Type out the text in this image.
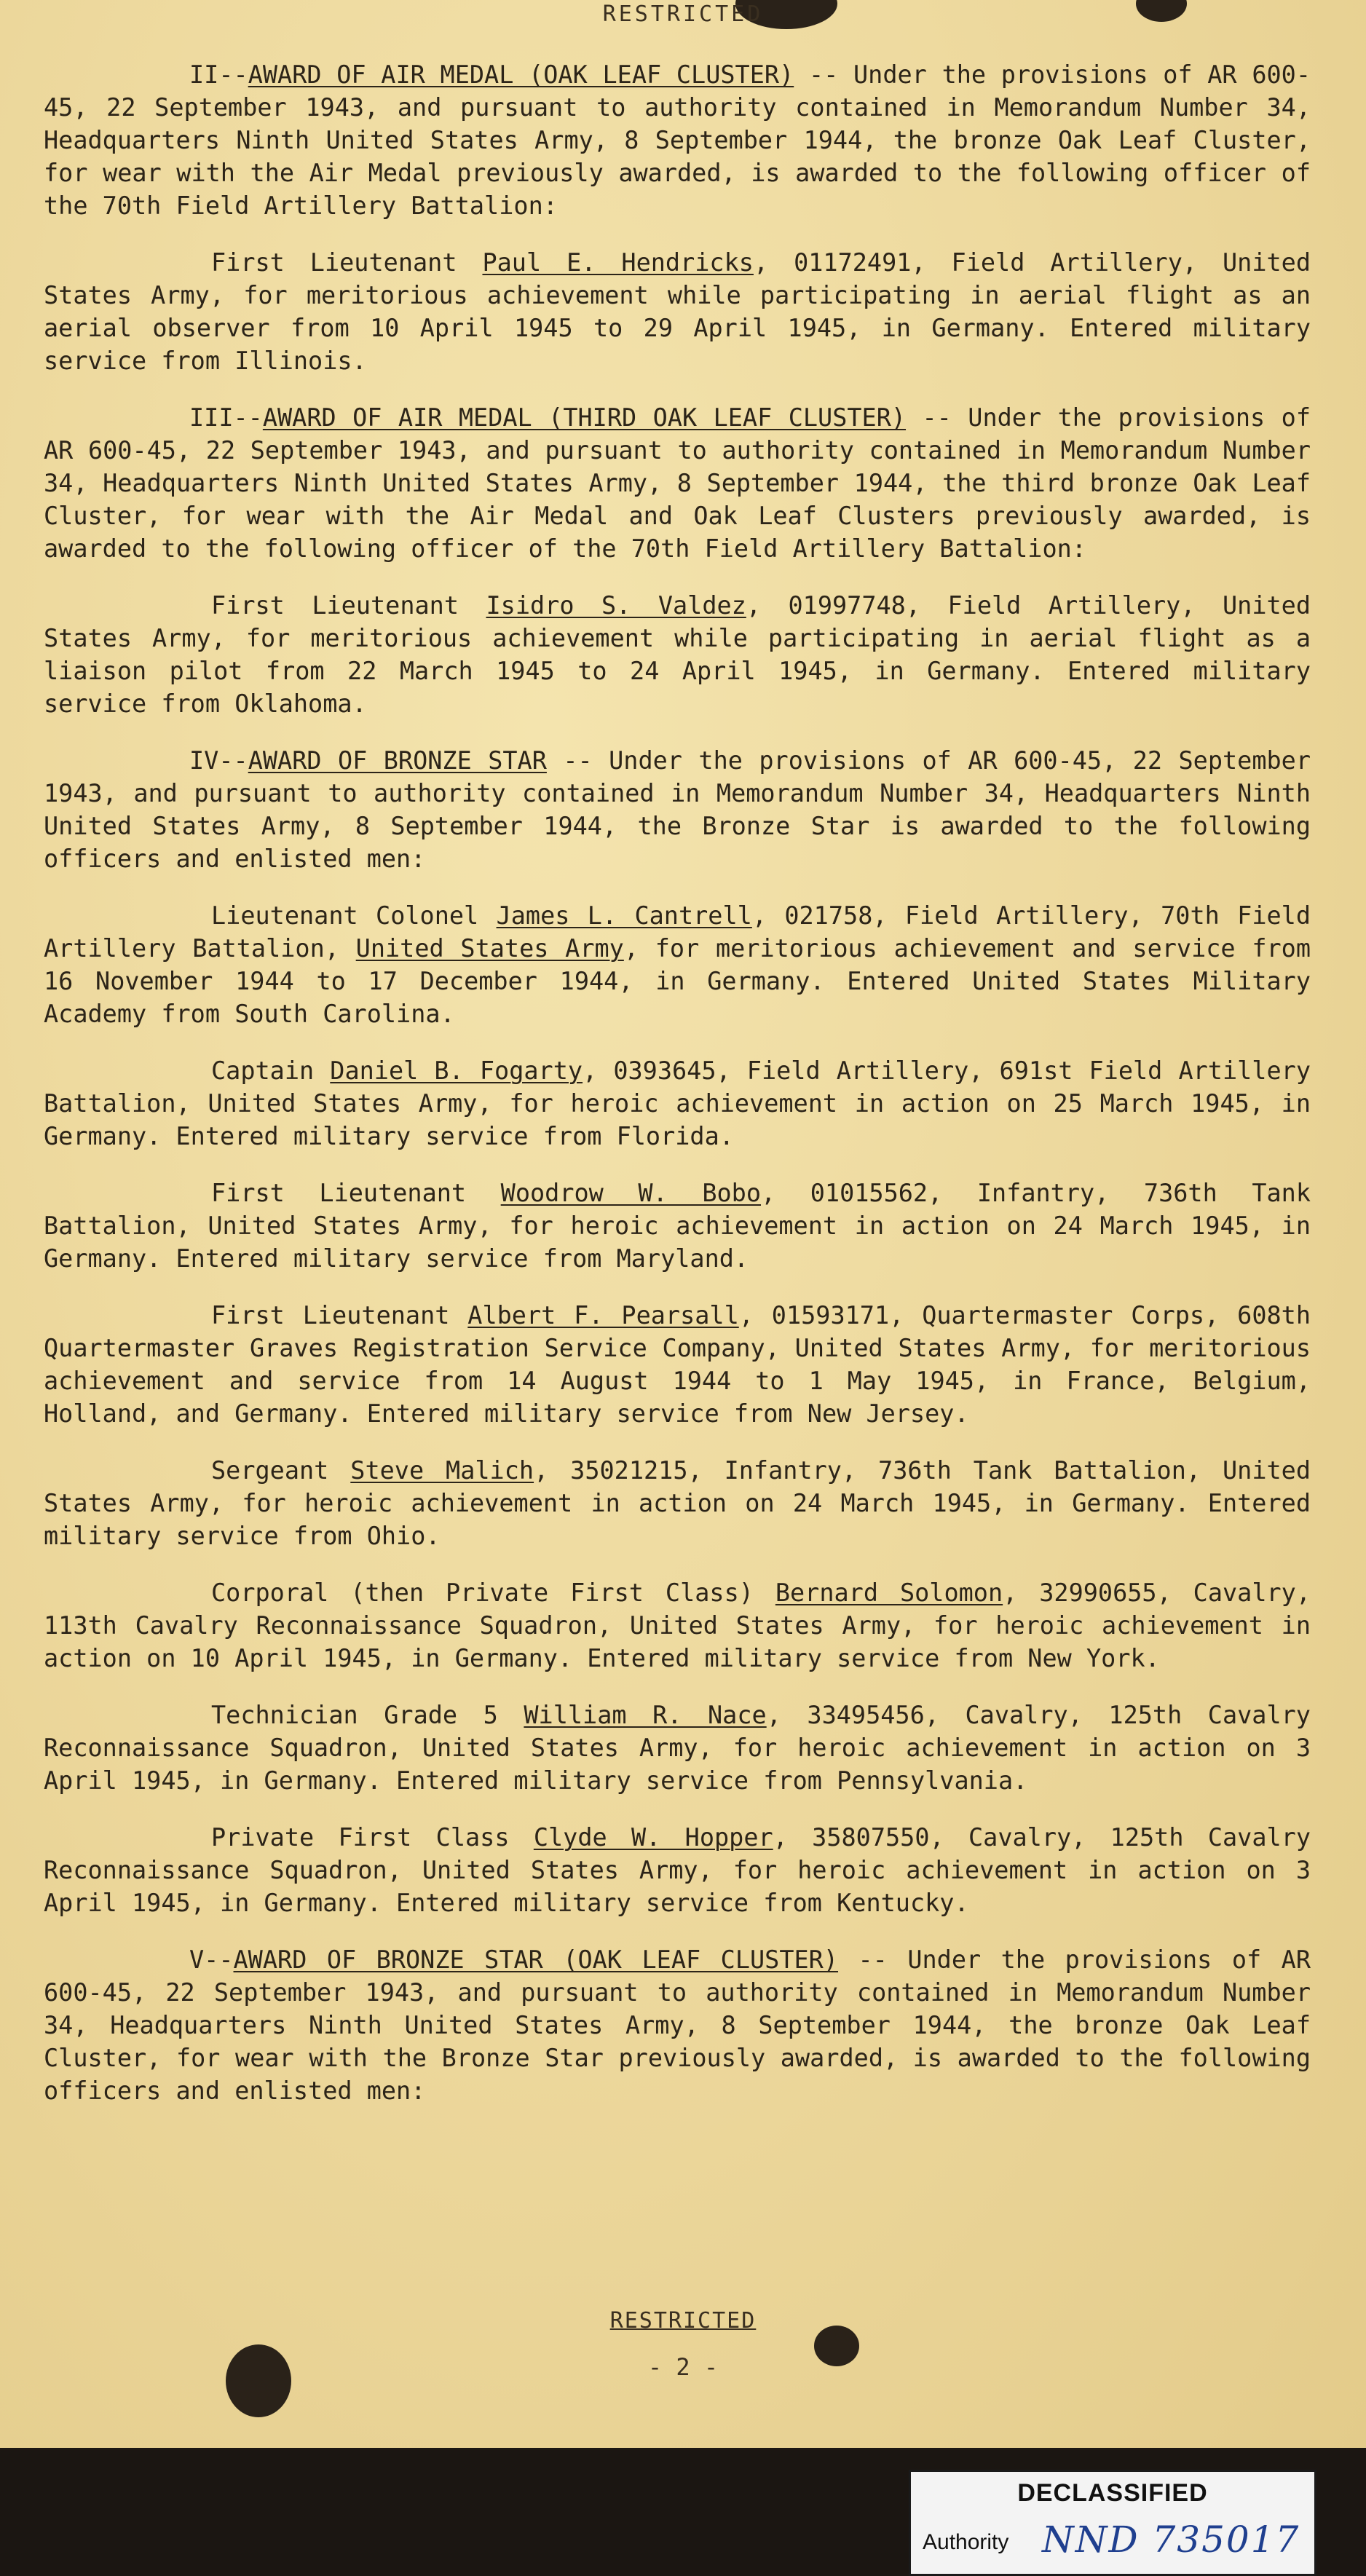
RESTRICTED

II--AWARD OF AIR MEDAL (OAK LEAF CLUSTER) -- Under the provisions of AR 600-45, 22 September 1943, and pursuant to authority contained in Memorandum Number 34, Headquarters Ninth United States Army, 8 September 1944, the bronze Oak Leaf Cluster, for wear with the Air Medal previously awarded, is awarded to the following officer of the 70th Field Artillery Battalion:

First Lieutenant Paul E. Hendricks, 01172491, Field Artillery, United States Army, for meritorious achievement while participating in aerial flight as an aerial observer from 10 April 1945 to 29 April 1945, in Germany. Entered military service from Illinois.

III--AWARD OF AIR MEDAL (THIRD OAK LEAF CLUSTER) -- Under the provisions of AR 600-45, 22 September 1943, and pursuant to authority contained in Memorandum Number 34, Headquarters Ninth United States Army, 8 September 1944, the third bronze Oak Leaf Cluster, for wear with the Air Medal and Oak Leaf Clusters previously awarded, is awarded to the following officer of the 70th Field Artillery Battalion:

First Lieutenant Isidro S. Valdez, 01997748, Field Artillery, United States Army, for meritorious achievement while participating in aerial flight as a liaison pilot from 22 March 1945 to 24 April 1945, in Germany. Entered military service from Oklahoma.

IV--AWARD OF BRONZE STAR -- Under the provisions of AR 600-45, 22 September 1943, and pursuant to authority contained in Memorandum Number 34, Headquarters Ninth United States Army, 8 September 1944, the Bronze Star is awarded to the following officers and enlisted men:

Lieutenant Colonel James L. Cantrell, 021758, Field Artillery, 70th Field Artillery Battalion, United States Army, for meritorious achievement and service from 16 November 1944 to 17 December 1944, in Germany. Entered United States Military Academy from South Carolina.

Captain Daniel B. Fogarty, 0393645, Field Artillery, 691st Field Artillery Battalion, United States Army, for heroic achievement in action on 25 March 1945, in Germany. Entered military service from Florida.

First Lieutenant Woodrow W. Bobo, 01015562, Infantry, 736th Tank Battalion, United States Army, for heroic achievement in action on 24 March 1945, in Germany. Entered military service from Maryland.

First Lieutenant Albert F. Pearsall, 01593171, Quartermaster Corps, 608th Quartermaster Graves Registration Service Company, United States Army, for meritorious achievement and service from 14 August 1944 to 1 May 1945, in France, Belgium, Holland, and Germany. Entered military service from New Jersey.

Sergeant Steve Malich, 35021215, Infantry, 736th Tank Battalion, United States Army, for heroic achievement in action on 24 March 1945, in Germany. Entered military service from Ohio.

Corporal (then Private First Class) Bernard Solomon, 32990655, Cavalry, 113th Cavalry Reconnaissance Squadron, United States Army, for heroic achievement in action on 10 April 1945, in Germany. Entered military service from New York.

Technician Grade 5 William R. Nace, 33495456, Cavalry, 125th Cavalry Reconnaissance Squadron, United States Army, for heroic achievement in action on 3 April 1945, in Germany. Entered military service from Pennsylvania.

Private First Class Clyde W. Hopper, 35807550, Cavalry, 125th Cavalry Reconnaissance Squadron, United States Army, for heroic achievement in action on 3 April 1945, in Germany. Entered military service from Kentucky.

V--AWARD OF BRONZE STAR (OAK LEAF CLUSTER) -- Under the provisions of AR 600-45, 22 September 1943, and pursuant to authority contained in Memorandum Number 34, Headquarters Ninth United States Army, 8 September 1944, the bronze Oak Leaf Cluster, for wear with the Bronze Star previously awarded, is awarded to the following officers and enlisted men:

RESTRICTED
- 2 -
DECLASSIFIED
Authority NND 735017
